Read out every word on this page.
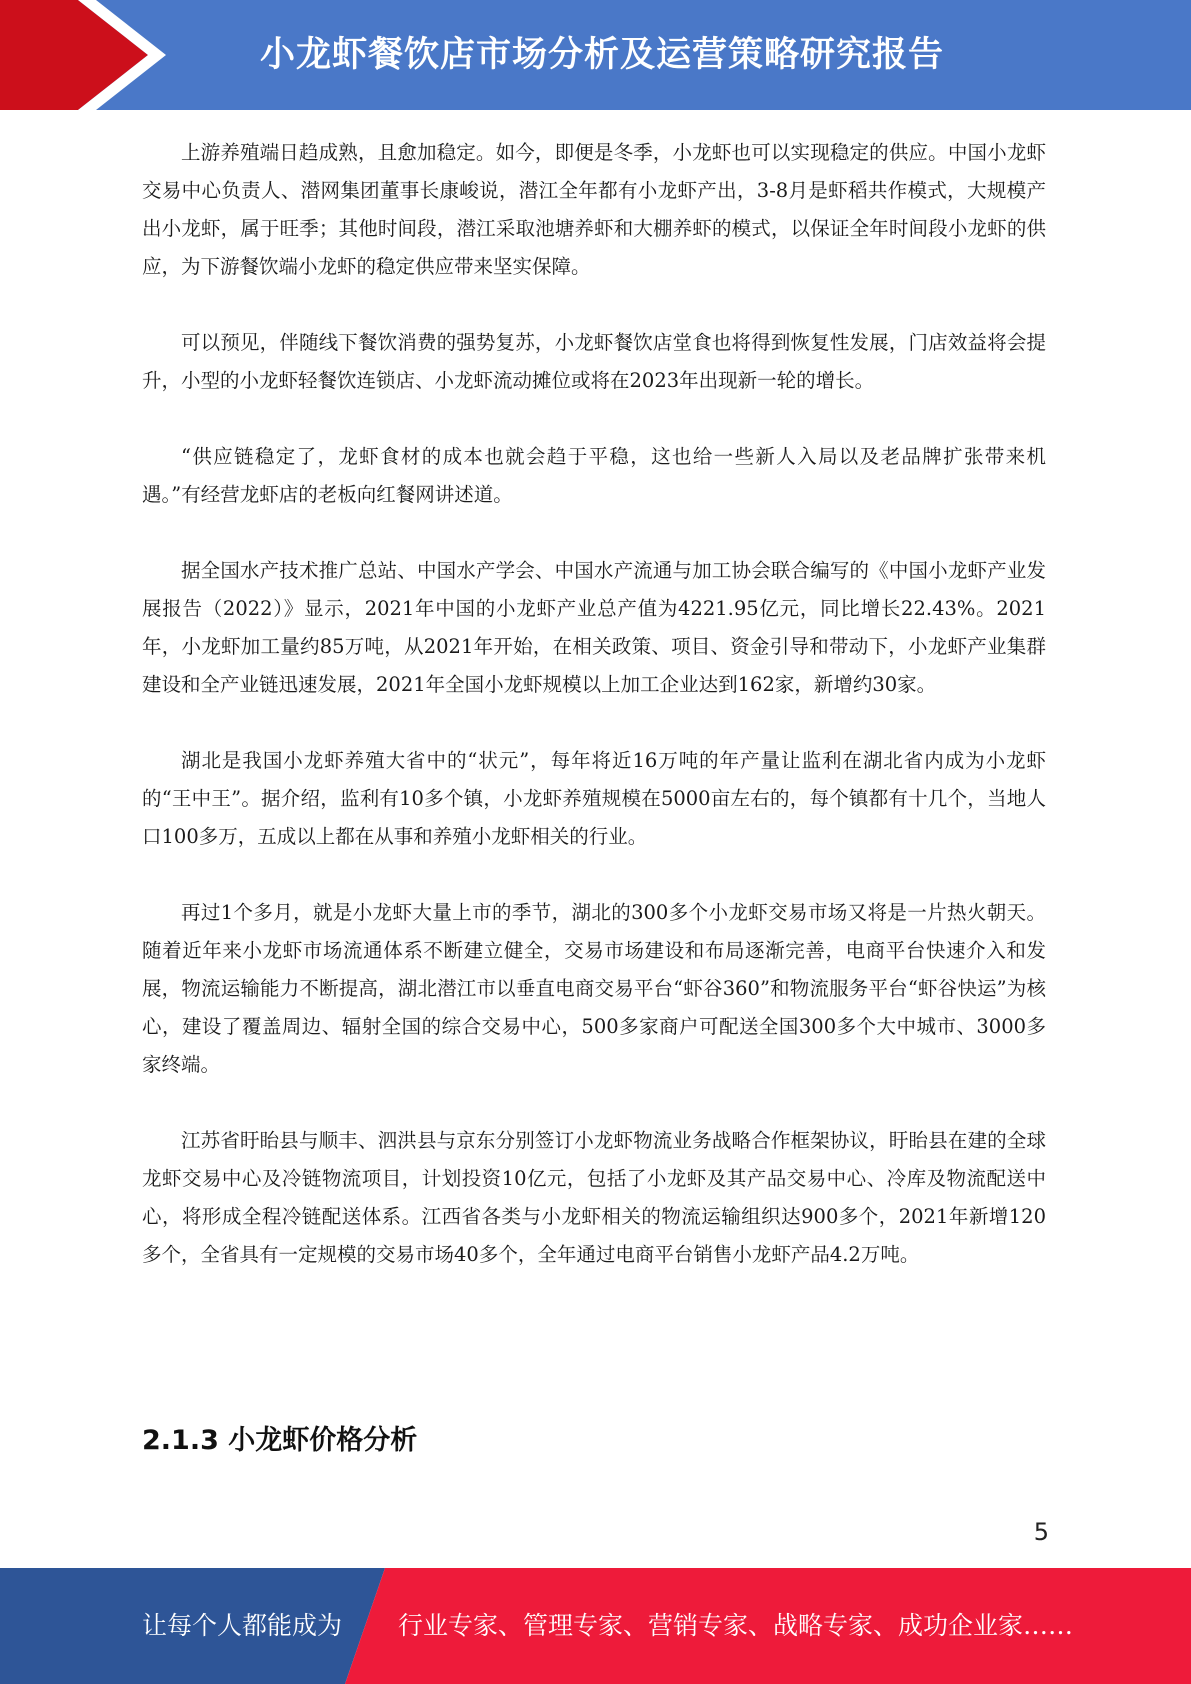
小龙虾餐饮店市场分析及运营策略研究报告

上游养殖端日趋成熟，且愈加稳定。如今，即便是冬季，小龙虾也可以实现稳定的供应。中国小龙虾交易中心负责人、潜网集团董事长康峻说，潜江全年都有小龙虾产出，3-8月是虾稻共作模式，大规模产出小龙虾，属于旺季；其他时间段，潜江采取池塘养虾和大棚养虾的模式，以保证全年时间段小龙虾的供应，为下游餐饮端小龙虾的稳定供应带来坚实保障。

可以预见，伴随线下餐饮消费的强势复苏，小龙虾餐饮店堂食也将得到恢复性发展，门店效益将会提升，小型的小龙虾轻餐饮连锁店、小龙虾流动摊位或将在2023年出现新一轮的增长。

“供应链稳定了，龙虾食材的成本也就会趋于平稳，这也给一些新人入局以及老品牌扩张带来机遇。”有经营龙虾店的老板向红餐网讲述道。

据全国水产技术推广总站、中国水产学会、中国水产流通与加工协会联合编写的《中国小龙虾产业发展报告（2022）》显示，2021年中国的小龙虾产业总产值为4221.95亿元，同比增长22.43%。2021年，小龙虾加工量约85万吨，从2021年开始，在相关政策、项目、资金引导和带动下，小龙虾产业集群建设和全产业链迅速发展，2021年全国小龙虾规模以上加工企业达到162家，新增约30家。

湖北是我国小龙虾养殖大省中的“状元”，每年将近16万吨的年产量让监利在湖北省内成为小龙虾的“王中王”。据介绍，监利有10多个镇，小龙虾养殖规模在5000亩左右的，每个镇都有十几个，当地人口100多万，五成以上都在从事和养殖小龙虾相关的行业。

再过1个多月，就是小龙虾大量上市的季节，湖北的300多个小龙虾交易市场又将是一片热火朝天。随着近年来小龙虾市场流通体系不断建立健全，交易市场建设和布局逐渐完善，电商平台快速介入和发展，物流运输能力不断提高，湖北潜江市以垂直电商交易平台“虾谷360”和物流服务平台“虾谷快运”为核心，建设了覆盖周边、辐射全国的综合交易中心，500多家商户可配送全国300多个大中城市、3000多家终端。

江苏省盱眙县与顺丰、泗洪县与京东分别签订小龙虾物流业务战略合作框架协议，盱眙县在建的全球龙虾交易中心及冷链物流项目，计划投资10亿元，包括了小龙虾及其产品交易中心、冷库及物流配送中心，将形成全程冷链配送体系。江西省各类与小龙虾相关的物流运输组织达900多个，2021年新增120多个，全省具有一定规模的交易市场40多个，全年通过电商平台销售小龙虾产品4.2万吨。

2.1.3 小龙虾价格分析
5

让每个人都能成为 行业专家、管理专家、营销专家、战略专家、成功企业家……
